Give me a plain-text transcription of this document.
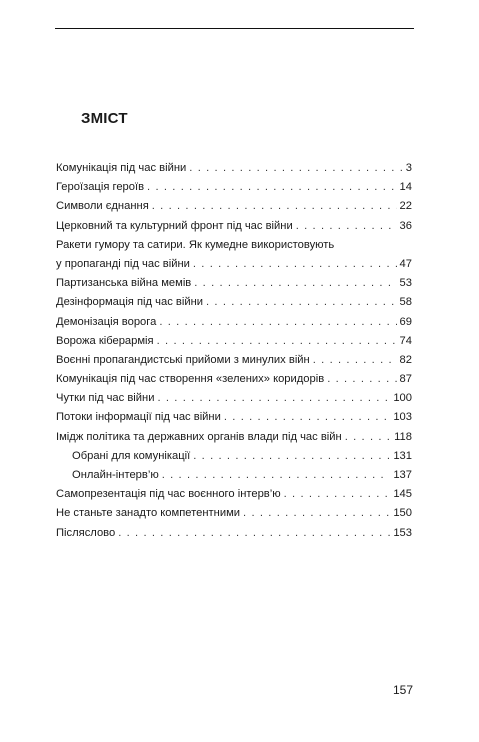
ЗМІСТ
Комунікація під час війни . . .	3
Героїзація героїв . . .	14
Символи єднання . . .	22
Церковний та культурний фронт під час війни . . .	36
Ракети гумору та сатири. Як кумедне використовують
у пропаганді під час війни . . .	47
Партизанська війна мемів . . .	53
Дезінформація під час війни . . .	58
Демонізація ворога . . .	69
Ворожа кіберармія . . .	74
Воєнні пропагандистські прийоми з минулих війн . . .	82
Комунікація під час створення «зелених» коридорів . . .	87
Чутки під час війни . . .	100
Потоки інформації під час війни . . .	103
Імідж політика та державних органів влади під час війн . . .	118
Обрані для комунікації . . .	131
Онлайн-інтерв’ю . . .	137
Самопрезентація під час воєнного інтерв’ю . . .	145
Не станьте занадто компетентними . . .	150
Післяслово . . .	153
157
